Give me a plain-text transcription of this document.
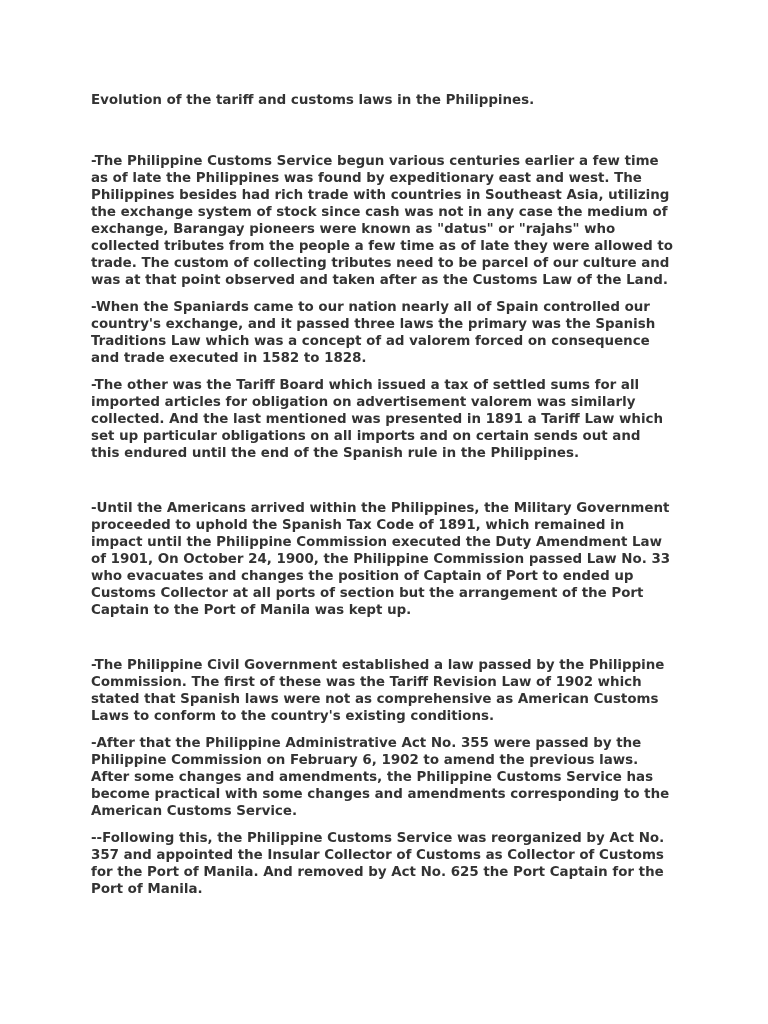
Evolution of the tariff and customs laws in the Philippines.

-The Philippine Customs Service begun various centuries earlier a few time
as of late the Philippines was found by expeditionary east and west. The
Philippines besides had rich trade with countries in Southeast Asia, utilizing
the exchange system of stock since cash was not in any case the medium of
exchange, Barangay pioneers were known as "datus" or "rajahs" who
collected tributes from the people a few time as of late they were allowed to
trade. The custom of collecting tributes need to be parcel of our culture and
was at that point observed and taken after as the Customs Law of the Land.

-When the Spaniards came to our nation nearly all of Spain controlled our
country's exchange, and it passed three laws the primary was the Spanish
Traditions Law which was a concept of ad valorem forced on consequence
and trade executed in 1582 to 1828.

-The other was the Tariff Board which issued a tax of settled sums for all
imported articles for obligation on advertisement valorem was similarly
collected. And the last mentioned was presented in 1891 a Tariff Law which
set up particular obligations on all imports and on certain sends out and
this endured until the end of the Spanish rule in the Philippines.

-Until the Americans arrived within the Philippines, the Military Government
proceeded to uphold the Spanish Tax Code of 1891, which remained in
impact until the Philippine Commission executed the Duty Amendment Law
of 1901, On October 24, 1900, the Philippine Commission passed Law No. 33
who evacuates and changes the position of Captain of Port to ended up
Customs Collector at all ports of section but the arrangement of the Port
Captain to the Port of Manila was kept up.

-The Philippine Civil Government established a law passed by the Philippine
Commission. The first of these was the Tariff Revision Law of 1902 which
stated that Spanish laws were not as comprehensive as American Customs
Laws to conform to the country's existing conditions.

-After that the Philippine Administrative Act No. 355 were passed by the
Philippine Commission on February 6, 1902 to amend the previous laws.
After some changes and amendments, the Philippine Customs Service has
become practical with some changes and amendments corresponding to the
American Customs Service.

--Following this, the Philippine Customs Service was reorganized by Act No.
357 and appointed the Insular Collector of Customs as Collector of Customs
for the Port of Manila. And removed by Act No. 625 the Port Captain for the
Port of Manila.
